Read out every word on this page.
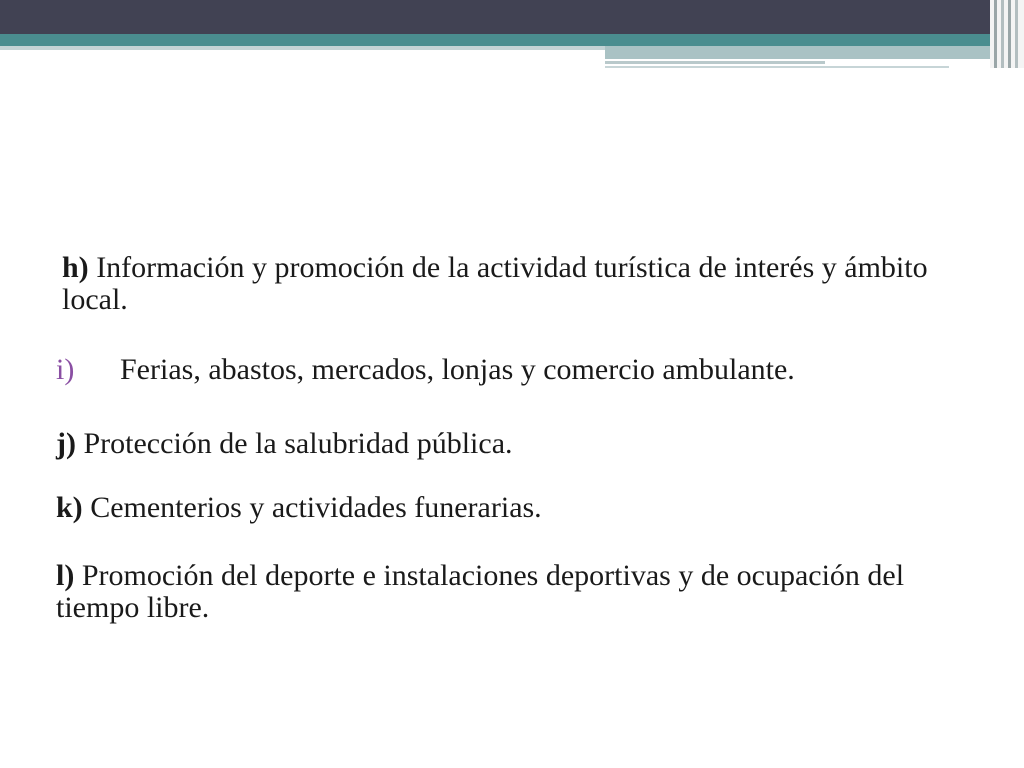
h) Información y promoción de la actividad turística de interés y ámbito local.

i) Ferias, abastos, mercados, lonjas y comercio ambulante.

j) Protección de la salubridad pública.

k) Cementerios y actividades funerarias.

l) Promoción del deporte e instalaciones deportivas y de ocupación del tiempo libre.
